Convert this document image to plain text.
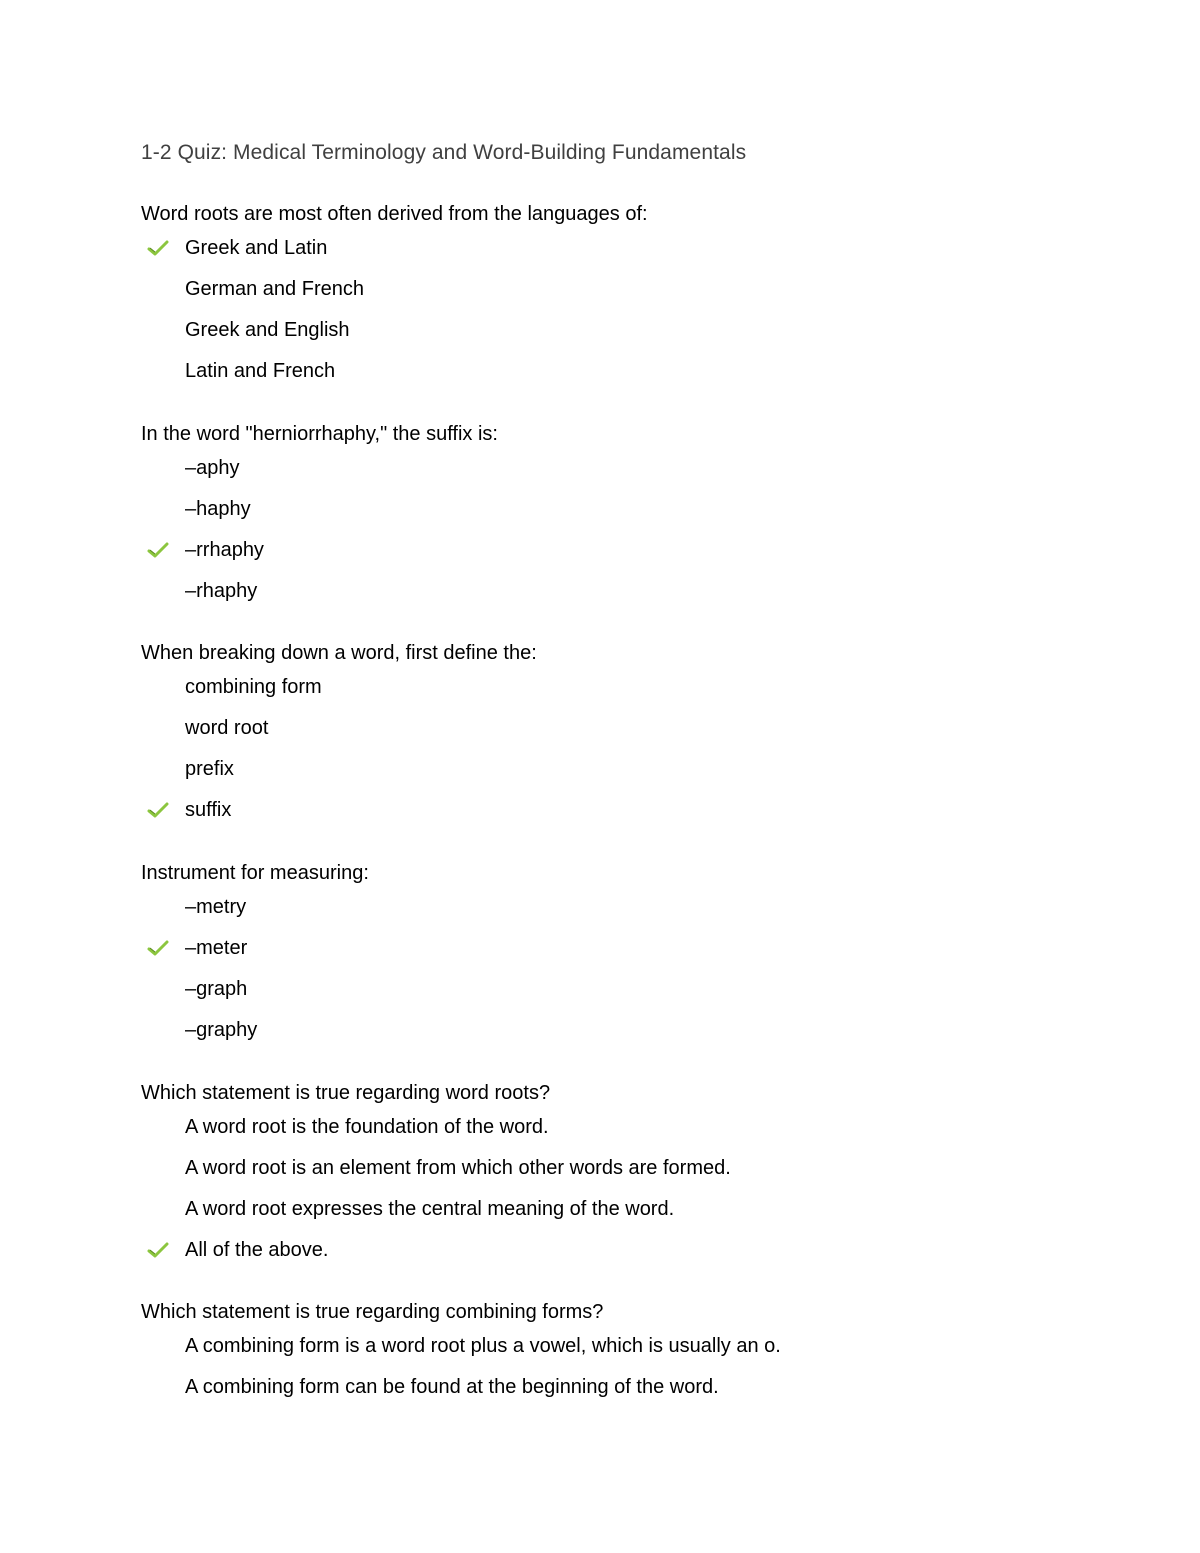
1-2 Quiz: Medical Terminology and Word-Building Fundamentals
Word roots are most often derived from the languages of:
Greek and Latin
German and French
Greek and English
Latin and French
In the word "herniorrhaphy," the suffix is:
–aphy
–haphy
–rrhaphy
–rhaphy
When breaking down a word, first define the:
combining form
word root
prefix
suffix
Instrument for measuring:
–metry
–meter
–graph
–graphy
Which statement is true regarding word roots?
A word root is the foundation of the word.
A word root is an element from which other words are formed.
A word root expresses the central meaning of the word.
All of the above.
Which statement is true regarding combining forms?
A combining form is a word root plus a vowel, which is usually an o.
A combining form can be found at the beginning of the word.
